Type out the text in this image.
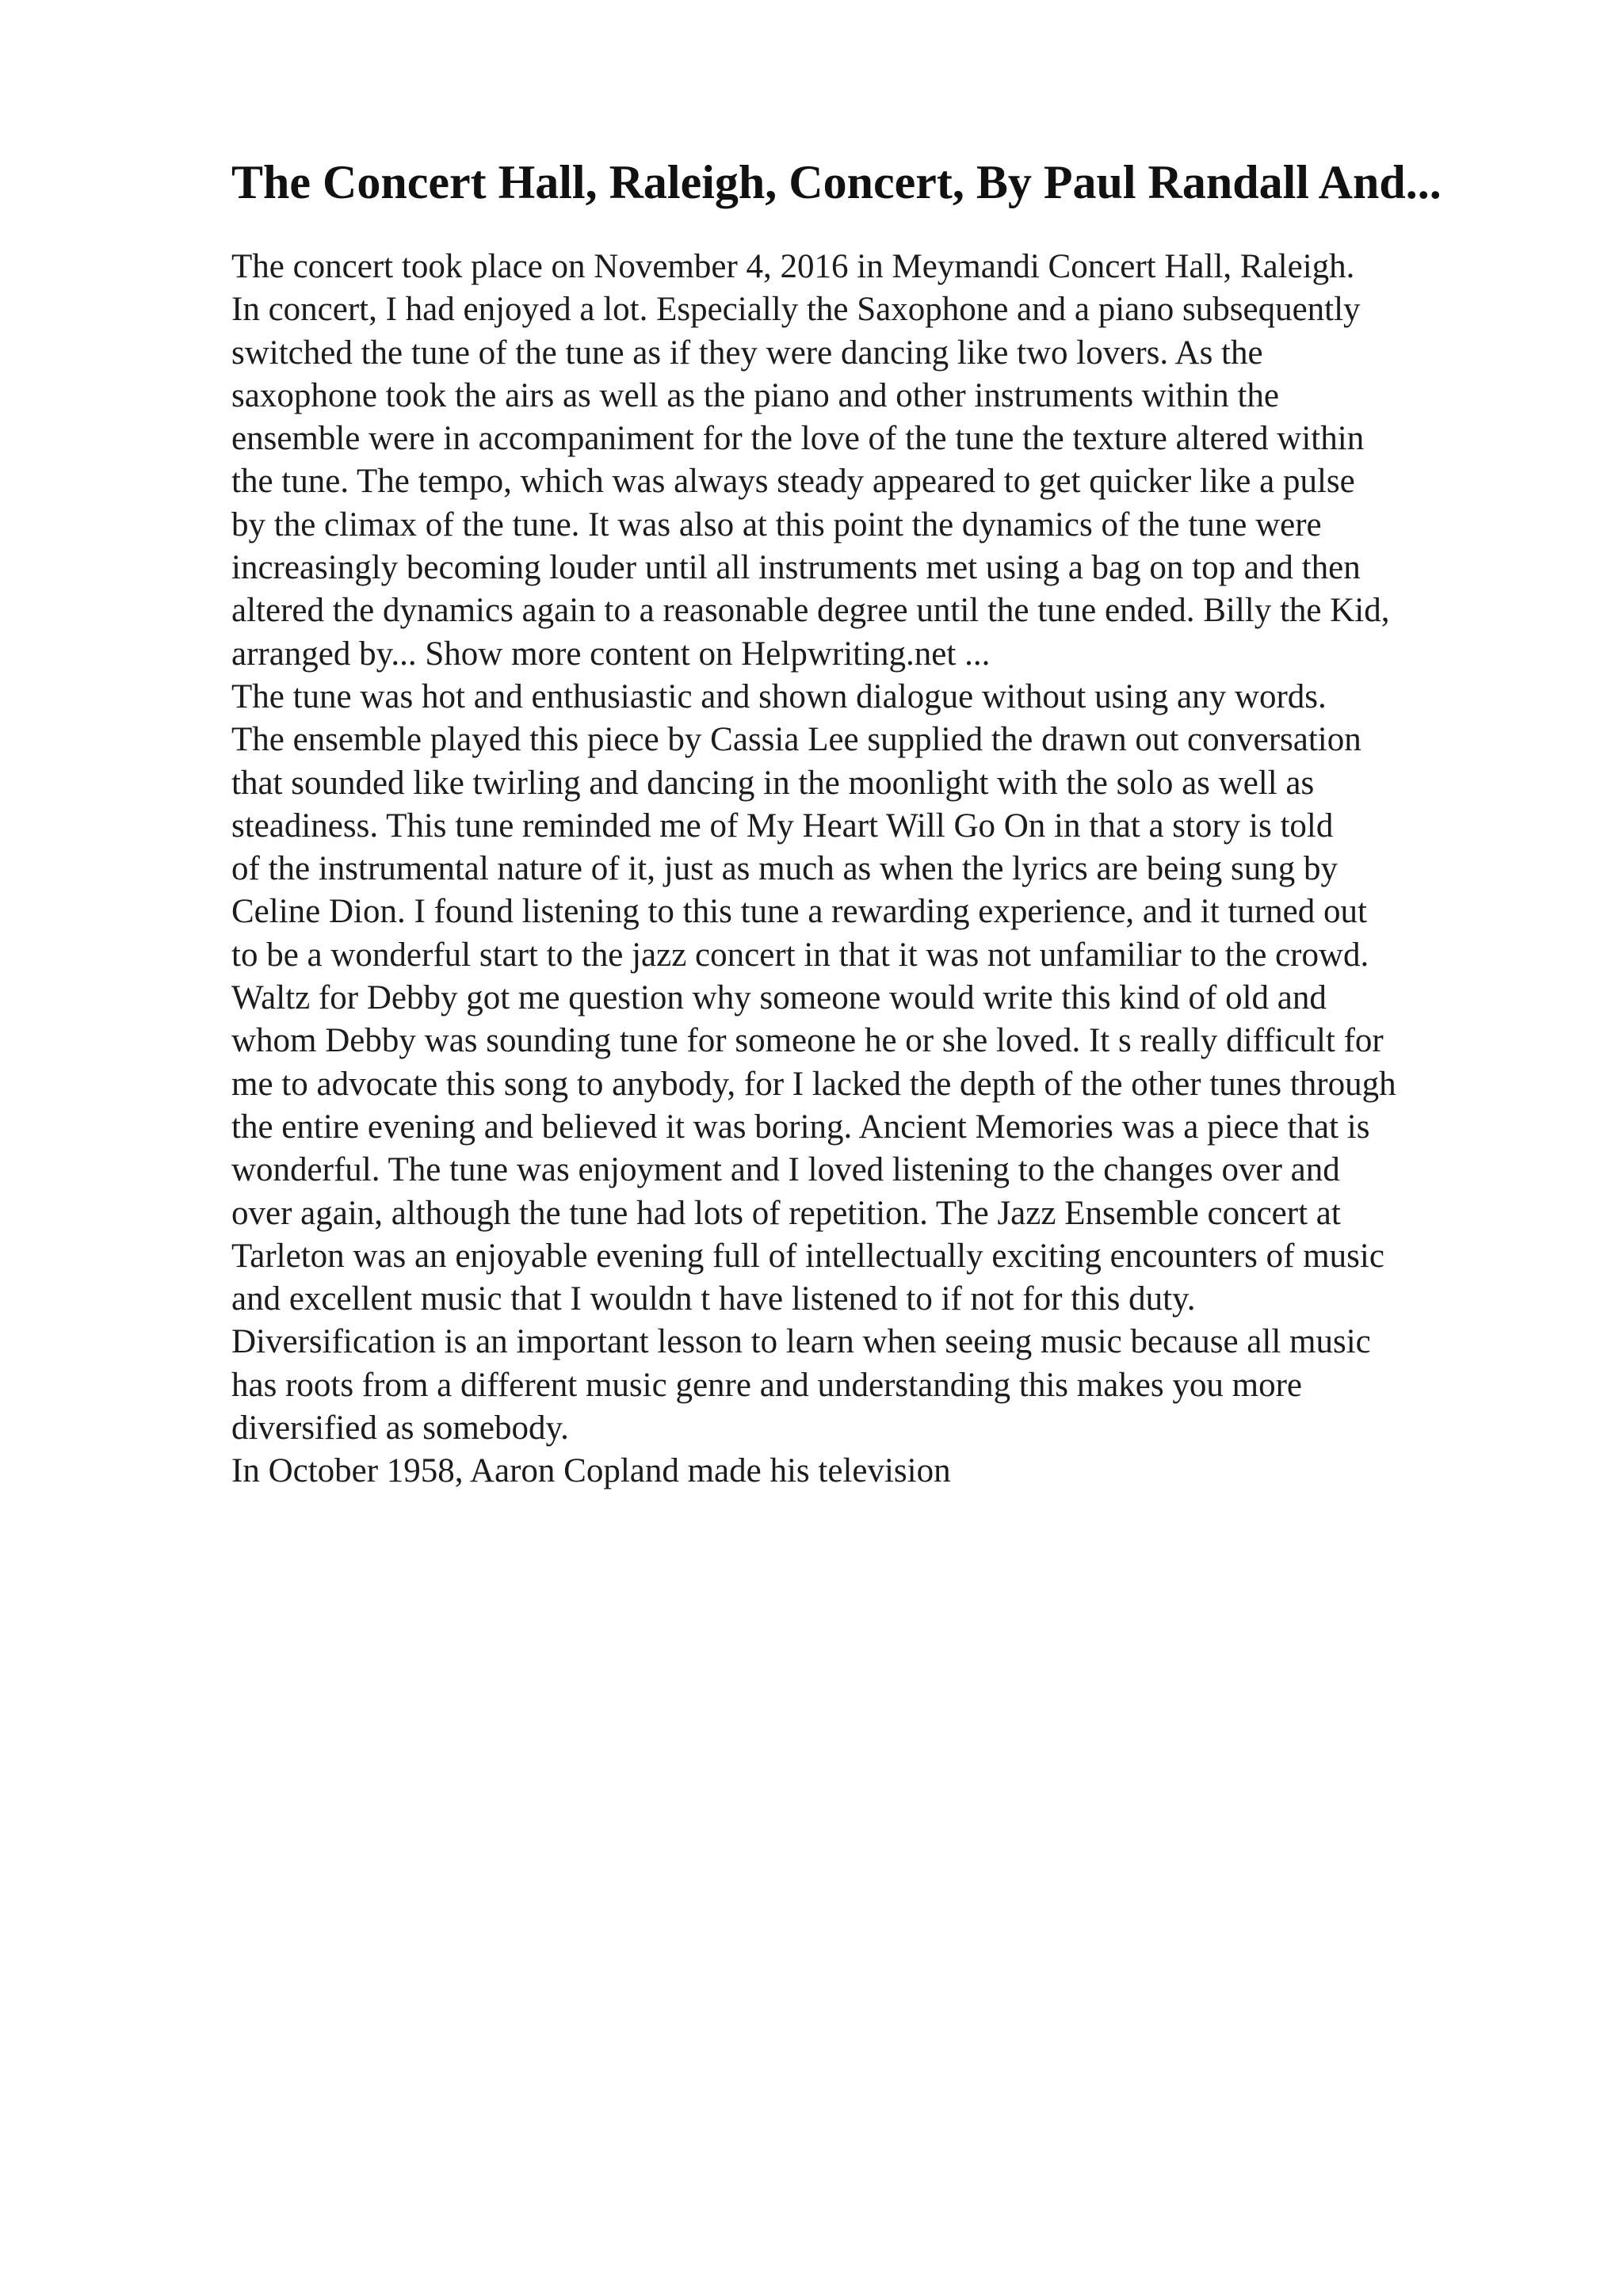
The Concert Hall, Raleigh, Concert, By Paul Randall And...

The concert took place on November 4, 2016 in Meymandi Concert Hall, Raleigh.

In concert, I had enjoyed a lot. Especially the Saxophone and a piano subsequently

switched the tune of the tune as if they were dancing like two lovers. As the

saxophone took the airs as well as the piano and other instruments within the

ensemble were in accompaniment for the love of the tune the texture altered within

the tune. The tempo, which was always steady appeared to get quicker like a pulse

by the climax of the tune. It was also at this point the dynamics of the tune were

increasingly becoming louder until all instruments met using a bag on top and then

altered the dynamics again to a reasonable degree until the tune ended. Billy the Kid,

arranged by... Show more content on Helpwriting.net ...

The tune was hot and enthusiastic and shown dialogue without using any words.

The ensemble played this piece by Cassia Lee supplied the drawn out conversation

that sounded like twirling and dancing in the moonlight with the solo as well as

steadiness. This tune reminded me of My Heart Will Go On in that a story is told

of the instrumental nature of it, just as much as when the lyrics are being sung by

Celine Dion. I found listening to this tune a rewarding experience, and it turned out

to be a wonderful start to the jazz concert in that it was not unfamiliar to the crowd.

Waltz for Debby got me question why someone would write this kind of old and

whom Debby was sounding tune for someone he or she loved. It s really difficult for

me to advocate this song to anybody, for I lacked the depth of the other tunes through

the entire evening and believed it was boring. Ancient Memories was a piece that is

wonderful. The tune was enjoyment and I loved listening to the changes over and

over again, although the tune had lots of repetition. The Jazz Ensemble concert at

Tarleton was an enjoyable evening full of intellectually exciting encounters of music

and excellent music that I wouldn t have listened to if not for this duty.

Diversification is an important lesson to learn when seeing music because all music

has roots from a different music genre and understanding this makes you more

diversified as somebody.

In October 1958, Aaron Copland made his television
